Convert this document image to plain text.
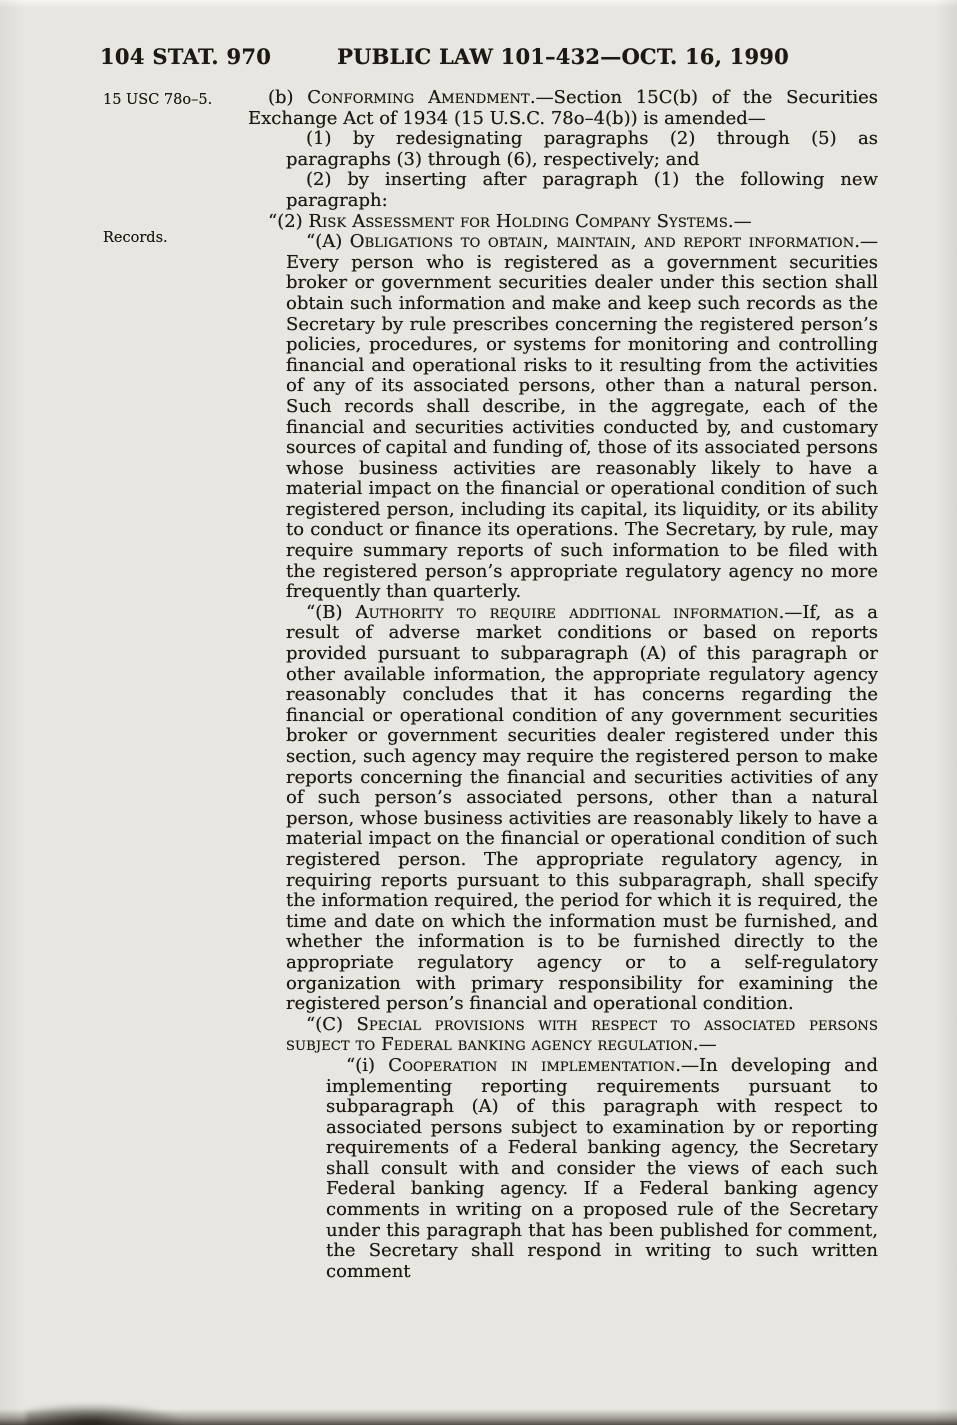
104 STAT. 970	PUBLIC LAW 101–432—OCT. 16, 1990
15 USC 78o–5.
Records.

(b) Conforming Amendment.—Section 15C(b) of the Securities Exchange Act of 1934 (15 U.S.C. 78o–4(b)) is amended—

(1) by redesignating paragraphs (2) through (5) as paragraphs (3) through (6), respectively; and

(2) by inserting after paragraph (1) the following new paragraph:

“(2) Risk Assessment for Holding Company Systems.—

“(A) Obligations to obtain, maintain, and report information.—Every person who is registered as a government securities broker or government securities dealer under this section shall obtain such information and make and keep such records as the Secretary by rule prescribes concerning the registered person’s policies, procedures, or systems for monitoring and controlling financial and operational risks to it resulting from the activities of any of its associated persons, other than a natural person. Such records shall describe, in the aggregate, each of the financial and securities activities conducted by, and customary sources of capital and funding of, those of its associated persons whose business activities are reasonably likely to have a material impact on the financial or operational condition of such registered person, including its capital, its liquidity, or its ability to conduct or finance its operations. The Secretary, by rule, may require summary reports of such information to be filed with the registered person’s appropriate regulatory agency no more frequently than quarterly.

“(B) Authority to require additional information.—If, as a result of adverse market conditions or based on reports provided pursuant to subparagraph (A) of this paragraph or other available information, the appropriate regulatory agency reasonably concludes that it has concerns regarding the financial or operational condition of any government securities broker or government securities dealer registered under this section, such agency may require the registered person to make reports concerning the financial and securities activities of any of such person’s associated persons, other than a natural person, whose business activities are reasonably likely to have a material impact on the financial or operational condition of such registered person. The appropriate regulatory agency, in requiring reports pursuant to this subparagraph, shall specify the information required, the period for which it is required, the time and date on which the information must be furnished, and whether the information is to be furnished directly to the appropriate regulatory agency or to a self-regulatory organization with primary responsibility for examining the registered person’s financial and operational condition.

“(C) Special provisions with respect to associated persons subject to Federal banking agency regulation.—

“(i) Cooperation in implementation.—In developing and implementing reporting requirements pursuant to subparagraph (A) of this paragraph with respect to associated persons subject to examination by or reporting requirements of a Federal banking agency, the Secretary shall consult with and consider the views of each such Federal banking agency. If a Federal banking agency comments in writing on a proposed rule of the Secretary under this paragraph that has been published for comment, the Secretary shall respond in writing to such written comment
